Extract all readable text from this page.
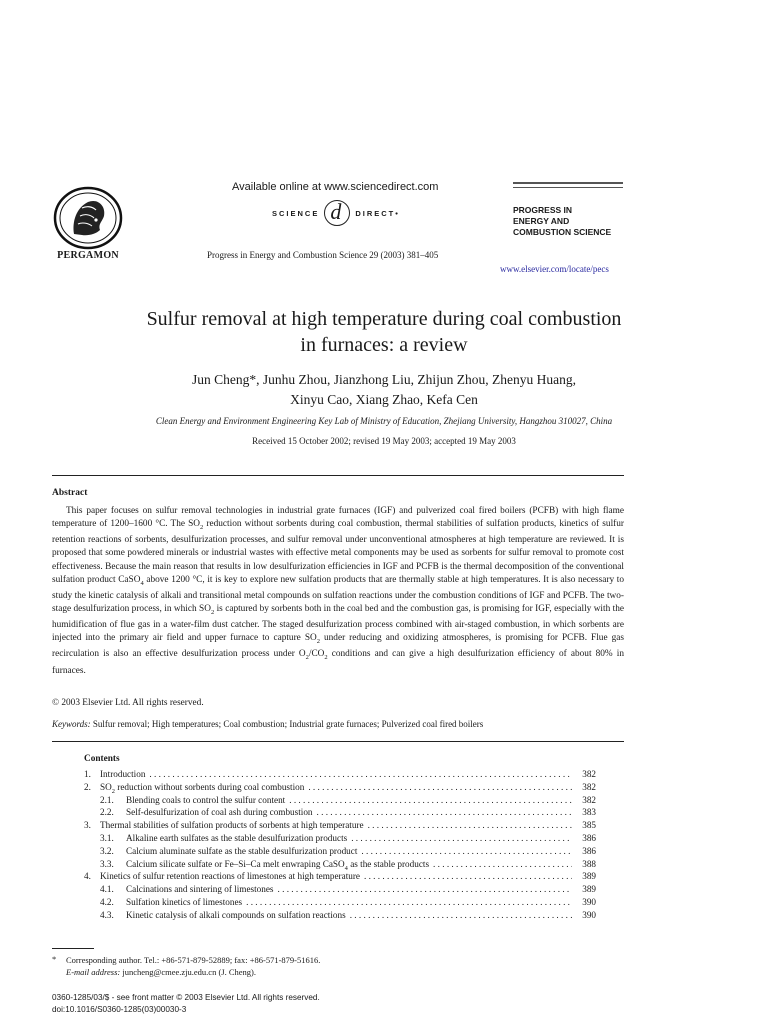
PERGAMON
Available online at www.sciencedirect.com
SCIENCE d DIRECT •
Progress in Energy and Combustion Science 29 (2003) 381–405
PROGRESS IN
ENERGY AND
COMBUSTION SCIENCE
www.elsevier.com/locate/pecs
Sulfur removal at high temperature during coal combustion
in furnaces: a review
Jun Cheng*, Junhu Zhou, Jianzhong Liu, Zhijun Zhou, Zhenyu Huang,
Xinyu Cao, Xiang Zhao, Kefa Cen
Clean Energy and Environment Engineering Key Lab of Ministry of Education, Zhejiang University, Hangzhou 310027, China
Received 15 October 2002; revised 19 May 2003; accepted 19 May 2003
Abstract
This paper focuses on sulfur removal technologies in industrial grate furnaces (IGF) and pulverized coal fired boilers (PCFB) with high flame temperature of 1200–1600 °C. The $SO_2$ reduction without sorbents during coal combustion, thermal stabilities of sulfation products, kinetics of sulfur retention reactions of sorbents, desulfurization processes, and sulfur removal under unconventional atmospheres at high temperature are reviewed. It is proposed that some powdered minerals or industrial wastes with effective metal components may be used as sorbents for sulfur removal to promote cost effectiveness. Because the main reason that results in low desulfurization efficiencies in IGF and PCFB is the thermal decomposition of the conventional sulfation product CaSO$_4$ above 1200 °C, it is key to explore new sulfation products that are thermally stable at high temperatures. It is also necessary to study the kinetic catalysis of alkali and transitional metal compounds on sulfation reactions under the combustion conditions of IGF and PCFB. The two-stage desulfurization process, in which $SO_2$ is captured by sorbents both in the coal bed and the combustion gas, is promising for IGF, especially with the humidification of flue gas in a water-film dust catcher. The staged desulfurization process combined with air-staged combustion, in which sorbents are injected into the primary air field and upper furnace to capture $SO_2$ under reducing and oxidizing atmospheres, is promising for PCFB. Flue gas recirculation is also an effective desulfurization process under $O_2/CO_2$ conditions and can give a high desulfurization efficiency of about 80% in furnaces.
© 2003 Elsevier Ltd. All rights reserved.
Keywords: Sulfur removal; High temperatures; Coal combustion; Industrial grate furnaces; Pulverized coal fired boilers
Contents
1. Introduction . . .	382
2. $SO_2$ reduction without sorbents during coal combustion . . .	382
2.1.	Blending coals to control the sulfur content . . .	382
2.2.	Self-desulfurization of coal ash during combustion . . .	383
3. Thermal stabilities of sulfation products of sorbents at high temperature . . .	385
3.1.	Alkaline earth sulfates as the stable desulfurization products . . .	386
3.2.	Calcium aluminate sulfate as the stable desulfurization product . . .	386
3.3.	Calcium silicate sulfate or Fe–Si–Ca melt enwraping CaSO$_4$ as the stable products . . .	388
4. Kinetics of sulfur retention reactions of limestones at high temperature . . .	389
4.1.	Calcinations and sintering of limestones . . .	389
4.2.	Sulfation kinetics of limestones . . .	390
4.3.	Kinetic catalysis of alkali compounds on sulfation reactions . . .	390
*	Corresponding author. Tel.: +86-571-879-52889; fax: +86-571-879-51616.
E-mail address: juncheng@cmee.zju.edu.cn (J. Cheng).
0360-1285/03/$ - see front matter © 2003 Elsevier Ltd. All rights reserved.
doi:10.1016/S0360-1285(03)00030-3
